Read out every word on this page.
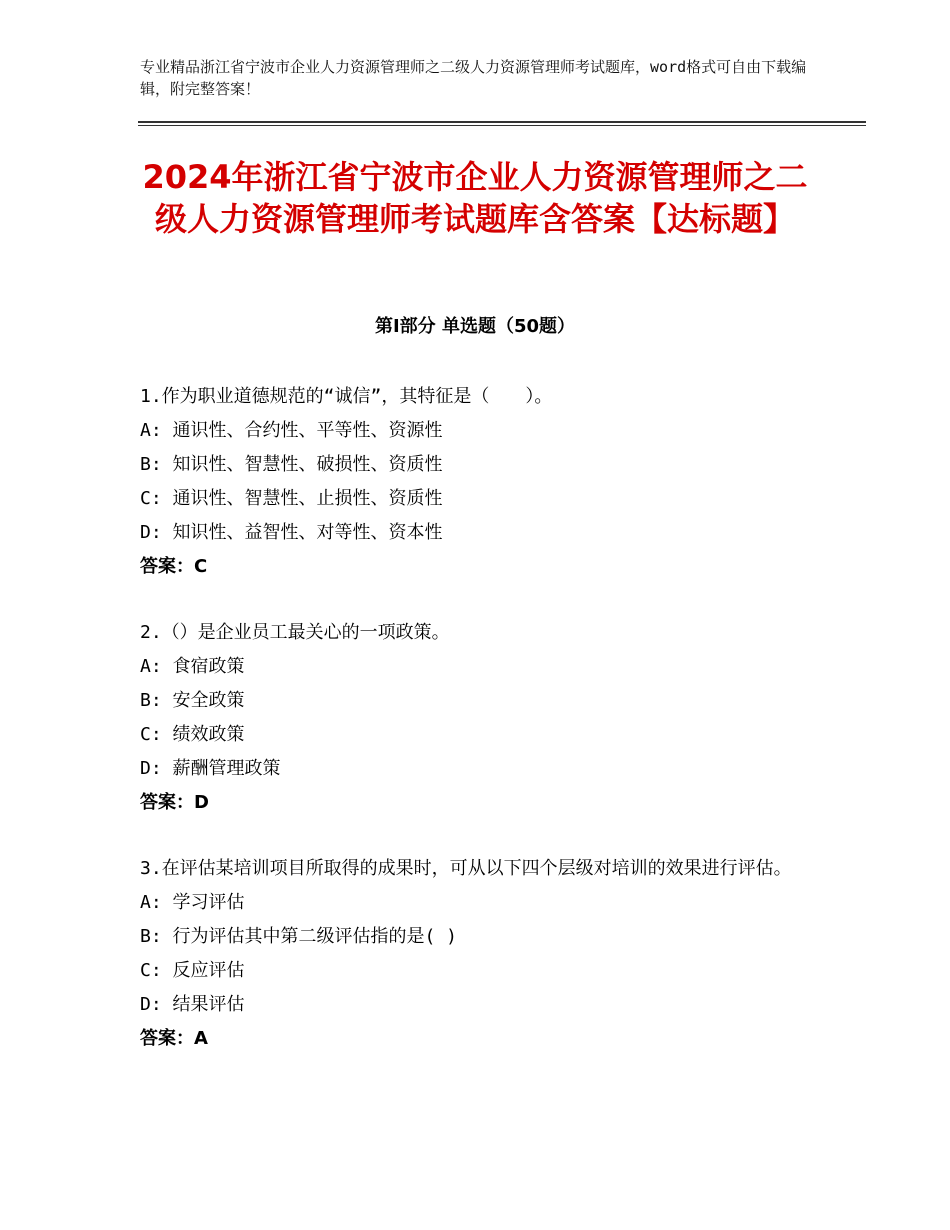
专业精品浙江省宁波市企业人力资源管理师之二级人力资源管理师考试题库，word格式可自由下载编辑，附完整答案！
2024年浙江省宁波市企业人力资源管理师之二级人力资源管理师考试题库含答案【达标题】
第Ⅰ部分 单选题（50题）

1.作为职业道德规范的“诚信”，其特征是（　　）。

A: 通识性、合约性、平等性、资源性

B: 知识性、智慧性、破损性、资质性

C: 通识性、智慧性、止损性、资质性

D: 知识性、益智性、对等性、资本性

答案：C

2.（）是企业员工最关心的一项政策。

A: 食宿政策

B: 安全政策

C: 绩效政策

D: 薪酬管理政策

答案：D

3.在评估某培训项目所取得的成果时，可从以下四个层级对培训的效果进行评估。

A: 学习评估

B: 行为评估其中第二级评估指的是( )

C: 反应评估

D: 结果评估

答案：A
